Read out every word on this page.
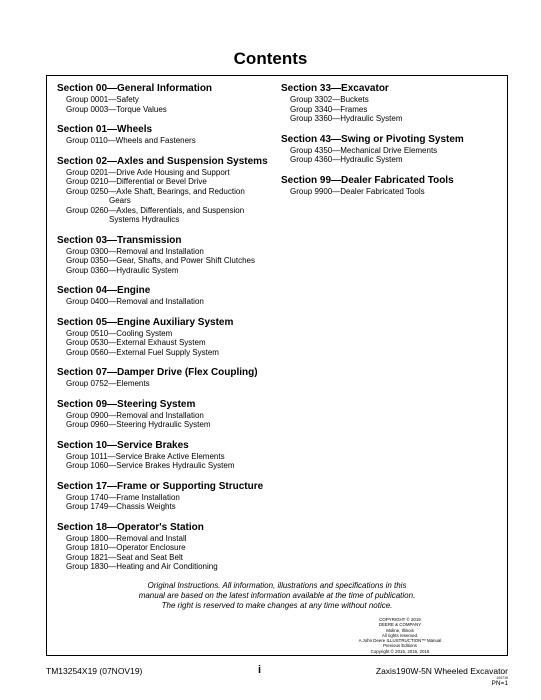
Contents
Section 00—General Information
Group 0001—Safety
Group 0003—Torque Values
Section 01—Wheels
Group 0110—Wheels and Fasteners
Section 02—Axles and Suspension Systems
Group 0201—Drive Axle Housing and Support
Group 0210—Differential or Bevel Drive
Group 0250—Axle Shaft, Bearings, and Reduction
Gears
Group 0260—Axles, Differentials, and Suspension
Systems Hydraulics
Section 03—Transmission
Group 0300—Removal and Installation
Group 0350—Gear, Shafts, and Power Shift Clutches
Group 0360—Hydraulic System
Section 04—Engine
Group 0400—Removal and Installation
Section 05—Engine Auxiliary System
Group 0510—Cooling System
Group 0530—External Exhaust System
Group 0560—External Fuel Supply System
Section 07—Damper Drive (Flex Coupling)
Group 0752—Elements
Section 09—Steering System
Group 0900—Removal and Installation
Group 0960—Steering Hydraulic System
Section 10—Service Brakes
Group 1011—Service Brake Active Elements
Group 1060—Service Brakes Hydraulic System
Section 17—Frame or Supporting Structure
Group 1740—Frame Installation
Group 1749—Chassis Weights
Section 18—Operator's Station
Group 1800—Removal and Install
Group 1810—Operator Enclosure
Group 1821—Seat and Seat Belt
Group 1830—Heating and Air Conditioning
Section 33—Excavator
Group 3302—Buckets
Group 3340—Frames
Group 3360—Hydraulic System
Section 43—Swing or Pivoting System
Group 4350—Mechanical Drive Elements
Group 4360—Hydraulic System
Section 99—Dealer Fabricated Tools
Group 9900—Dealer Fabricated Tools
Original Instructions. All information, illustrations and specifications in this
manual are based on the latest information available at the time of publication.
The right is reserved to make changes at any time without notice.
COPYRIGHT © 2019
DEERE & COMPANY
Moline, Illinois
All rights reserved.
A John Deere ILLUSTRUCTION™ Manual
Previous Editions
Copyright © 2015, 2016, 2018
TM13254X19 (07NOV19)	i	Zaxis190W-5N Wheeled Excavator
100719
PN=1
